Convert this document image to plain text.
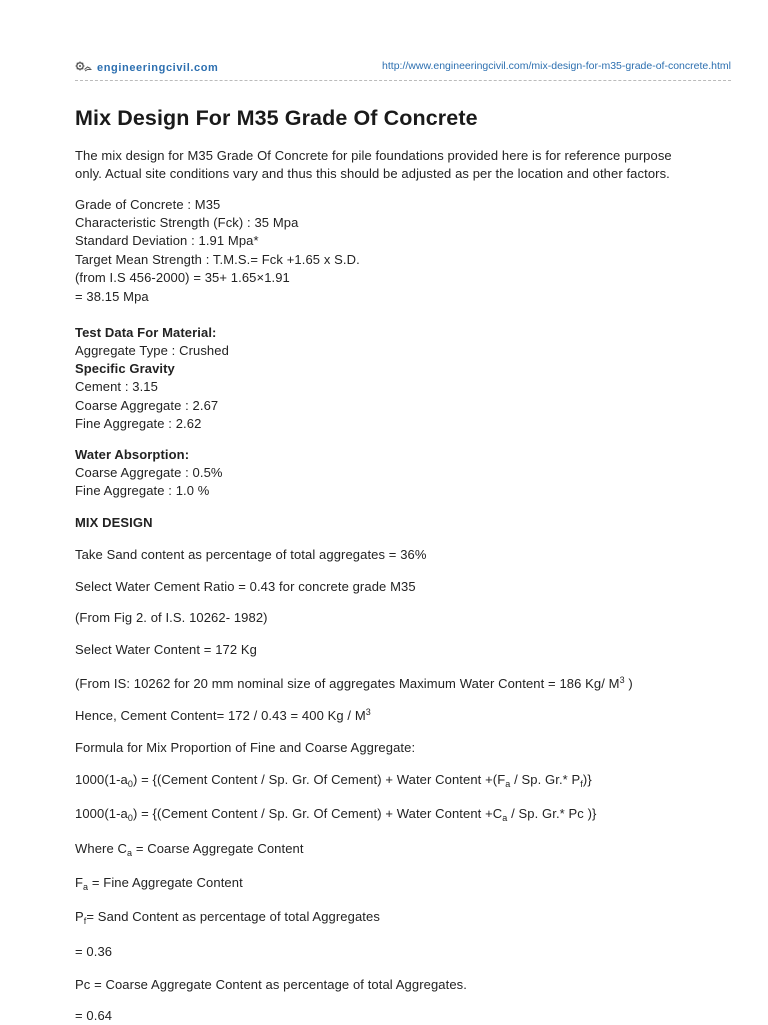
engineeringcivil.com	http://www.engineeringcivil.com/mix-design-for-m35-grade-of-concrete.html
Mix Design For M35 Grade Of Concrete
The mix design for M35 Grade Of Concrete for pile foundations provided here is for reference purpose
only. Actual site conditions vary and thus this should be adjusted as per the location and other factors.
Grade of Concrete : M35
Characteristic Strength (Fck) : 35 Mpa
Standard Deviation : 1.91 Mpa*
Target Mean Strength : T.M.S.= Fck +1.65 x S.D.
(from I.S 456-2000) = 35+ 1.65×1.91
= 38.15 Mpa
Test Data For Material:
Aggregate Type : Crushed
Specific Gravity
Cement : 3.15
Coarse Aggregate : 2.67
Fine Aggregate : 2.62
Water Absorption:
Coarse Aggregate : 0.5%
Fine Aggregate : 1.0 %
MIX DESIGN
Take Sand content as percentage of total aggregates = 36%
Select Water Cement Ratio = 0.43 for concrete grade M35
(From Fig 2. of I.S. 10262- 1982)
Select Water Content = 172 Kg
(From IS: 10262 for 20 mm nominal size of aggregates Maximum Water Content = 186 Kg/ $M^3$ )
Hence, Cement Content= 172 / 0.43 = 400 Kg / $M^3$
Formula for Mix Proportion of Fine and Coarse Aggregate:
$1000(1-a_0)$ = {(Cement Content / Sp. Gr. Of Cement) + Water Content $+(F_a / Sp$. Gr.* $P_f$)}
$1000(1-a_0)$ = {(Cement Content / Sp. Gr. Of Cement) + Water Content $+C_a / Sp$. Gr.* Pc )}
Where $C_a$ = Coarse Aggregate Content
$F_a$ = Fine Aggregate Content
$P_f=$ Sand Content as percentage of total Aggregates
= 0.36
Pc = Coarse Aggregate Content as percentage of total Aggregates.
= 0.64
